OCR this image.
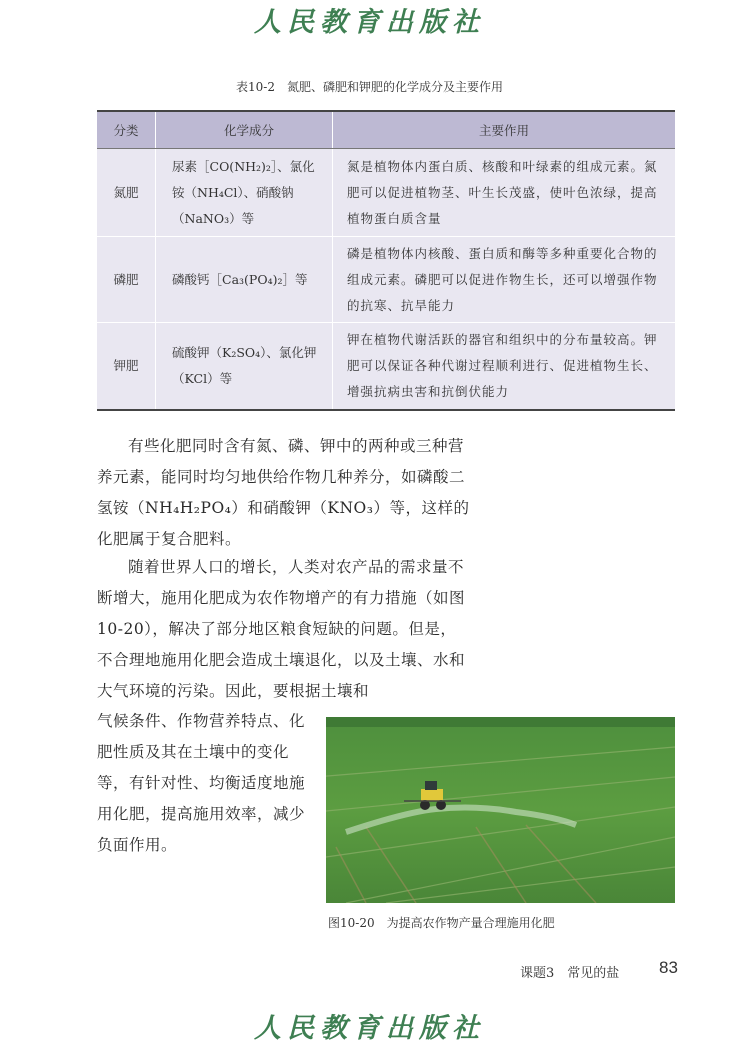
人民教育出版社
表10-2　氮肥、磷肥和钾肥的化学成分及主要作用
分类	化学成分	主要作用
氮肥	尿素［CO(NH₂)₂］、氯化铵（NH₄Cl）、硝酸钠（NaNO₃）等	氮是植物体内蛋白质、核酸和叶绿素的组成元素。氮肥可以促进植物茎、叶生长茂盛，使叶色浓绿，提高植物蛋白质含量
磷肥	磷酸钙［Ca₃(PO₄)₂］等	磷是植物体内核酸、蛋白质和酶等多种重要化合物的组成元素。磷肥可以促进作物生长，还可以增强作物的抗寒、抗旱能力
钾肥	硫酸钾（K₂SO₄）、氯化钾（KCl）等	钾在植物代谢活跃的器官和组织中的分布量较高。钾肥可以保证各种代谢过程顺利进行、促进植物生长、增强抗病虫害和抗倒伏能力

有些化肥同时含有氮、磷、钾中的两种或三种营养元素，能同时均匀地供给作物几种养分，如磷酸二氢铵（NH₄H₂PO₄）和硝酸钾（KNO₃）等，这样的化肥属于复合肥料。

随着世界人口的增长，人类对农产品的需求量不断增大，施用化肥成为农作物增产的有力措施（如图10-20），解决了部分地区粮食短缺的问题。但是，不合理地施用化肥会造成土壤退化，以及土壤、水和大气环境的污染。因此，要根据土壤和

气候条件、作物营养特点、化肥性质及其在土壤中的变化等，有针对性、均衡适度地施用化肥，提高施用效率，减少负面作用。
图10-20　为提高农作物产量合理施用化肥
课题3　常见的盐 83
人民教育出版社
